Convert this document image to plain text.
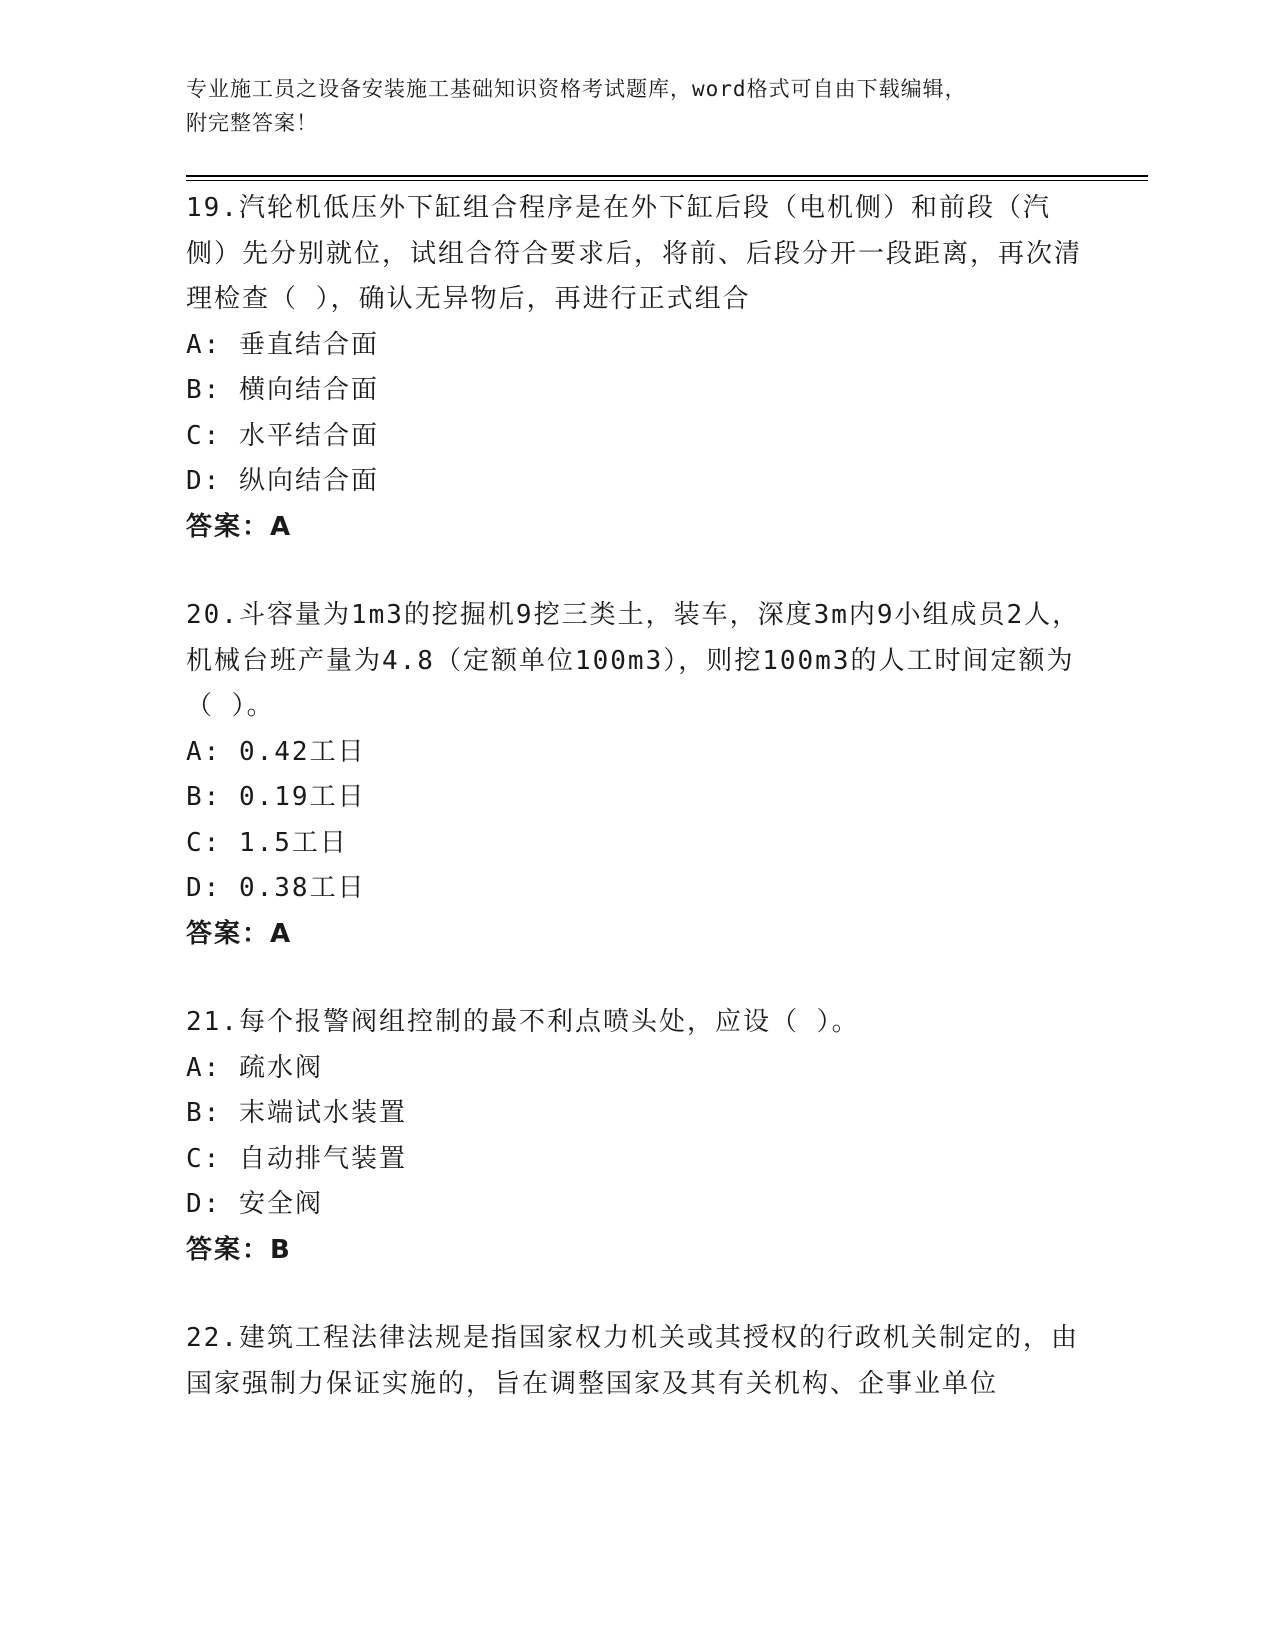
专业施工员之设备安装施工基础知识资格考试题库，word格式可自由下载编辑，
附完整答案！

19.汽轮机低压外下缸组合程序是在外下缸后段（电机侧）和前段（汽侧）先分别就位，试组合符合要求后，将前、后段分开一段距离，再次清理检查（ ），确认无异物后，再进行正式组合

A: 垂直结合面

B: 横向结合面

C: 水平结合面

D: 纵向结合面

答案：A

20.斗容量为1m3的挖掘机9挖三类土，装车，深度3m内9小组成员2人，机械台班产量为4.8（定额单位100m3），则挖100m3的人工时间定额为（ ）。

A: 0.42工日

B: 0.19工日

C: 1.5工日

D: 0.38工日

答案：A

21.每个报警阀组控制的最不利点喷头处，应设（ ）。

A: 疏水阀

B: 末端试水装置

C: 自动排气装置

D: 安全阀

答案：B

22.建筑工程法律法规是指国家权力机关或其授权的行政机关制定的，由国家强制力保证实施的，旨在调整国家及其有关机构、企事业单位
